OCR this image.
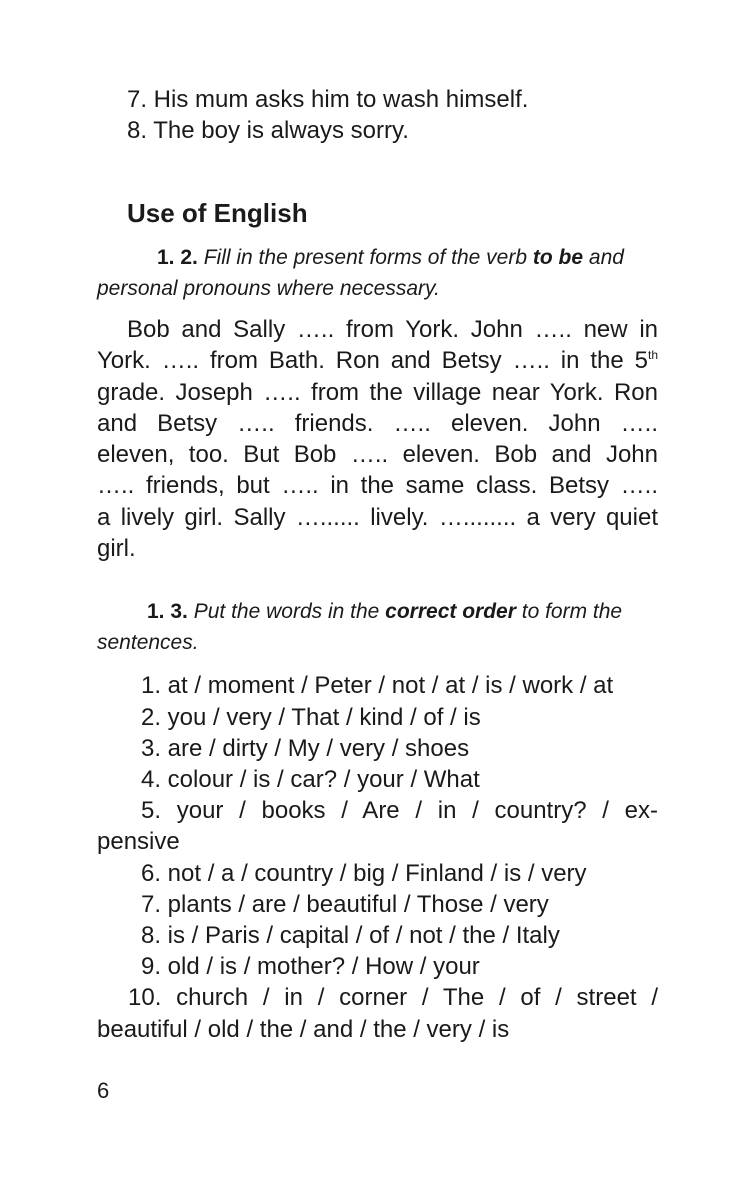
7. His mum asks him to wash himself.
8. The boy is always sorry.
Use of English
1. 2. Fill in the present forms of the verb to be and
personal pronouns where necessary.
Bob and Sally ….. from York. John ….. new in
York. ….. from Bath. Ron and Betsy ….. in the 5th
grade. Joseph ….. from the village near York. Ron
and Betsy ….. friends. ….. eleven. John …..
eleven, too. But Bob ….. eleven. Bob and John
….. friends, but ….. in the same class. Betsy …..
a lively girl. Sally …...... lively. …........ a very quiet
girl.
1. 3. Put the words in the correct order to form the
sentences.
1. at / moment / Peter / not / at / is / work / at
2. you / very / That / kind / of / is
3. are / dirty / My / very / shoes
4. colour / is / car? / your / What
5. your / books / Are / in / country? / ex-
pensive
6. not / a / country / big / Finland / is / very
7. plants / are / beautiful / Those / very
8. is / Paris / capital / of / not / the / Italy
9. old / is / mother? / How / your
10. church / in / corner / The / of / street /
beautiful / old / the / and / the / very / is
6
